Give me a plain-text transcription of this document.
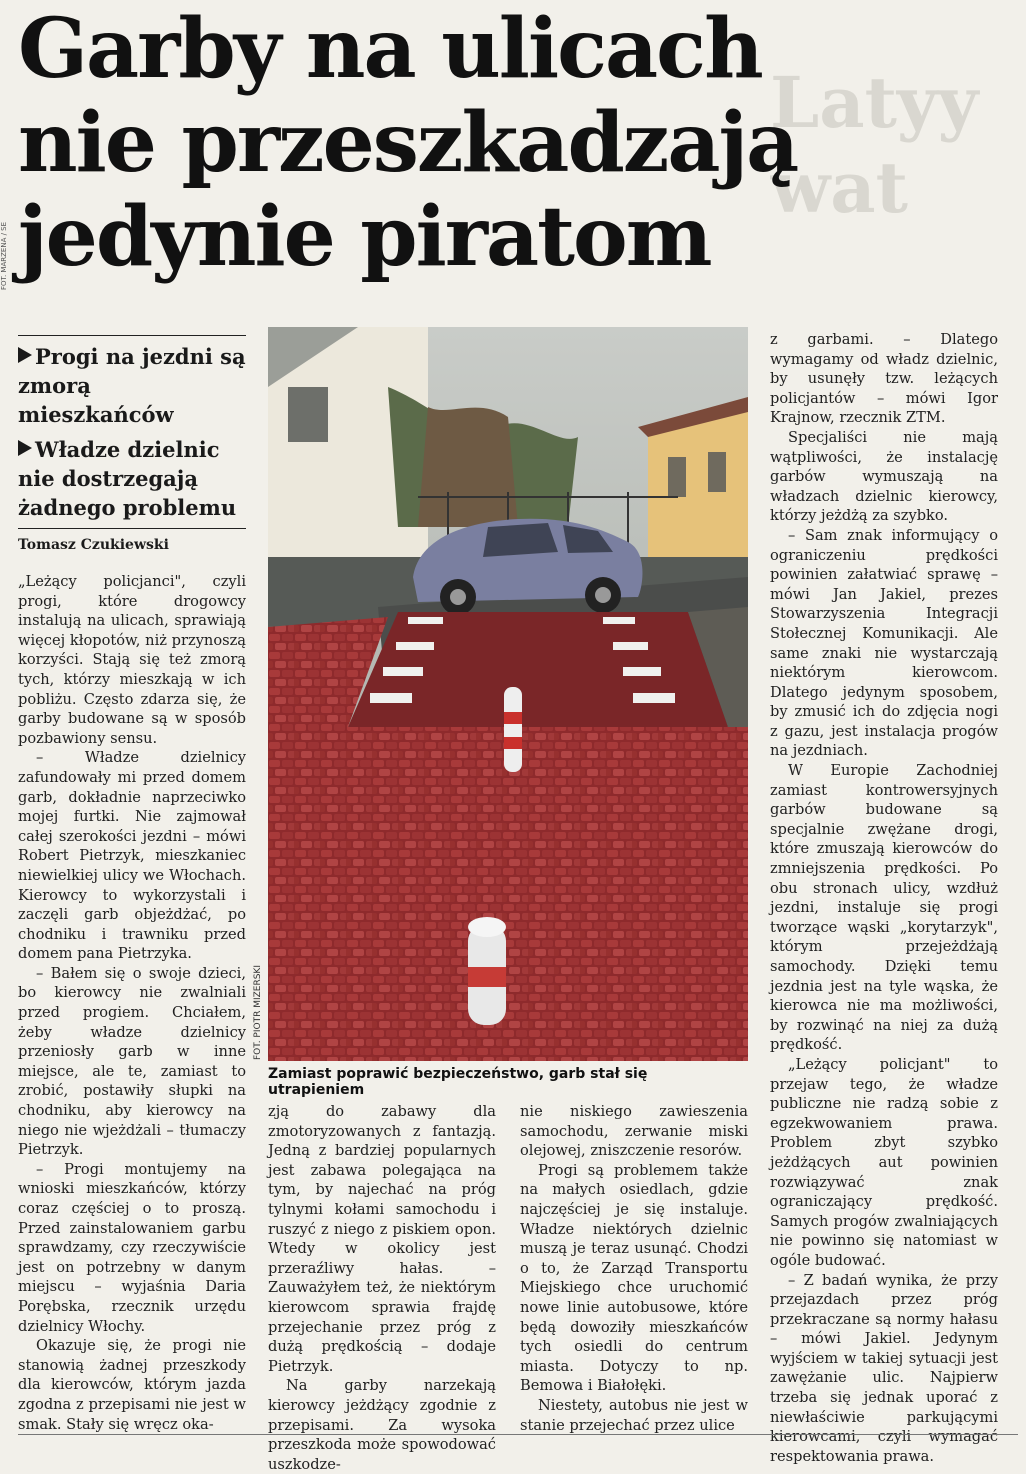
Latyy
wat
FOT. MARZENA / SE
Garby na ulicach
nie przeszkadzają
jedynie piratom
Progi na jezdni są zmorą mieszkańców
Władze dzielnic nie dostrzegają żadnego problemu
Tomasz Czukiewski

„Leżący policjanci", czyli progi, które drogowcy instalują na ulicach, sprawiają więcej kłopotów, niż przynoszą korzyści. Stają się też zmorą tych, którzy mieszkają w ich pobliżu. Często zdarza się, że garby budowane są w sposób pozbawiony sensu.

– Władze dzielnicy zafundowały mi przed domem garb, dokładnie naprzeciwko mojej furtki. Nie zajmował całej szerokości jezdni – mówi Robert Pietrzyk, mieszkaniec niewielkiej ulicy we Włochach. Kierowcy to wykorzystali i zaczęli garb objeżdżać, po chodniku i trawniku przed domem pana Pietrzyka.

– Bałem się o swoje dzieci, bo kierowcy nie zwalniali przed progiem. Chciałem, żeby władze dzielnicy przeniosły garb w inne miejsce, ale te, zamiast to zrobić, postawiły słupki na chodniku, aby kierowcy na niego nie wjeżdżali – tłumaczy Pietrzyk.

– Progi montujemy na wnioski mieszkańców, którzy coraz częściej o to proszą. Przed zainstalowaniem garbu sprawdzamy, czy rzeczywiście jest on potrzebny w danym miejscu – wyjaśnia Daria Porębska, rzecznik urzędu dzielnicy Włochy.

Okazuje się, że progi nie stanowią żadnej przeszkody dla kierowców, którym jazda zgodna z przepisami nie jest w smak. Stały się wręcz oka-

FOT. PIOTR MIZERSKI
Zamiast poprawić bezpieczeństwo, garb stał się utrapieniem

zją do zabawy dla zmotoryzowanych z fantazją. Jedną z bardziej popularnych jest zabawa polegająca na tym, by najechać na próg tylnymi kołami samochodu i ruszyć z niego z piskiem opon. Wtedy w okolicy jest przeraźliwy hałas. – Zauważyłem też, że niektórym kierowcom sprawia frajdę przejechanie przez próg z dużą prędkością – dodaje Pietrzyk.

Na garby narzekają kierowcy jeżdżący zgodnie z przepisami. Za wysoka przeszkoda może spowodować uszkodze-

nie niskiego zawieszenia samochodu, zerwanie miski olejowej, zniszczenie resorów.

Progi są problemem także na małych osiedlach, gdzie najczęściej je się instaluje. Władze niektórych dzielnic muszą je teraz usunąć. Chodzi o to, że Zarząd Transportu Miejskiego chce uruchomić nowe linie autobusowe, które będą dowoziły mieszkańców tych osiedli do centrum miasta. Dotyczy to np. Bemowa i Białołęki.

Niestety, autobus nie jest w stanie przejechać przez ulice

z garbami. – Dlatego wymagamy od władz dzielnic, by usunęły tzw. leżących policjantów – mówi Igor Krajnow, rzecznik ZTM.

Specjaliści nie mają wątpliwości, że instalację garbów wymuszają na władzach dzielnic kierowcy, którzy jeżdżą za szybko.

– Sam znak informujący o ograniczeniu prędkości powinien załatwiać sprawę – mówi Jan Jakiel, prezes Stowarzyszenia Integracji Stołecznej Komunikacji. Ale same znaki nie wystarczają niektórym kierowcom. Dlatego jedynym sposobem, by zmusić ich do zdjęcia nogi z gazu, jest instalacja progów na jezdniach.

W Europie Zachodniej zamiast kontrowersyjnych garbów budowane są specjalnie zwężane drogi, które zmuszają kierowców do zmniejszenia prędkości. Po obu stronach ulicy, wzdłuż jezdni, instaluje się progi tworzące wąski „korytarzyk", którym przejeżdżają samochody. Dzięki temu jezdnia jest na tyle wąska, że kierowca nie ma możliwości, by rozwinąć na niej za dużą prędkość.

„Leżący policjant" to przejaw tego, że władze publiczne nie radzą sobie z egzekwowaniem prawa. Problem zbyt szybko jeżdżących aut powinien rozwiązywać znak ograniczający prędkość. Samych progów zwalniających nie powinno się natomiast w ogóle budować.

– Z badań wynika, że przy przejazdach przez próg przekraczane są normy hałasu – mówi Jakiel. Jedynym wyjściem w takiej sytuacji jest zawężanie ulic. Najpierw trzeba się jednak uporać z niewłaściwie parkującymi kierowcami, czyli wymagać respektowania prawa.
